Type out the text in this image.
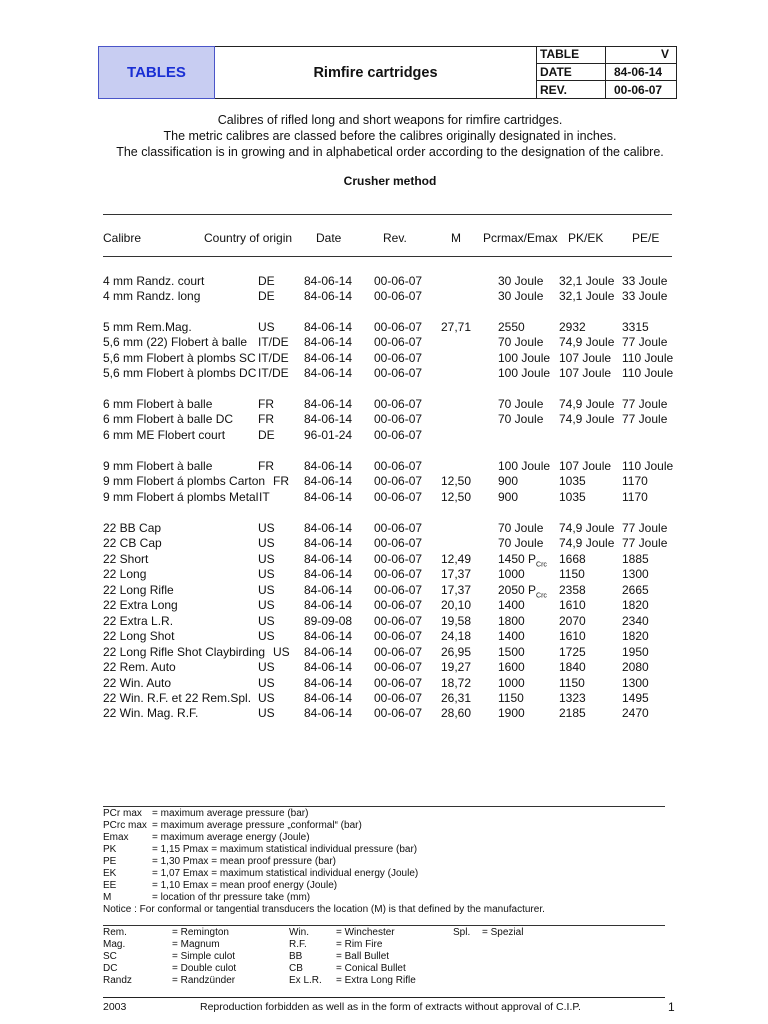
TABLES	Rimfire cartridges
TABLE	V
DATE	84-06-14
REV.	00-06-07
Calibres of rifled long and short weapons for rimfire cartridges.
The metric calibres are classed before the calibres originally designated in inches.
The classification is in growing and in alphabetical order according to the designation of the calibre.
Crusher method
Calibre	Country of origin Date	Rev.	M Pcrmax/Emax PK/EK PE/E
4 mm Randz. court	DE 84-06-14 00-06-07	30 Joule 32,1 Joule 33 Joule
4 mm Randz. long	DE 84-06-14 00-06-07	30 Joule 32,1 Joule 33 Joule
5 mm Rem.Mag.	US 84-06-14 00-06-07 27,71 2550	2932	3315
5,6 mm (22) Flobert à balle IT/DE 84-06-14 00-06-07	70 Joule 74,9 Joule 77 Joule
5,6 mm Flobert à plombs SC IT/DE 84-06-14 00-06-07	100 Joule 107 Joule 110 Joule
5,6 mm Flobert à plombs DC IT/DE 84-06-14 00-06-07	100 Joule 107 Joule 110 Joule
6 mm Flobert à balle	FR	84-06-14 00-06-07	70 Joule 74,9 Joule 77 Joule
6 mm Flobert à balle DC FR	84-06-14 00-06-07	70 Joule 74,9 Joule 77 Joule
6 mm ME Flobert court	DE 96-01-24 00-06-07
9 mm Flobert à balle	FR	84-06-14 00-06-07	100 Joule 107 Joule 110 Joule
9 mm Flobert á plombs Carton FR 84-06-14 00-06-07 12,50 900	1035	1170
9 mm Flobert á plombs Metal IT	84-06-14 00-06-07 12,50 900	1035	1170
22 BB Cap	US 84-06-14 00-06-07	70 Joule 74,9 Joule 77 Joule
22 CB Cap	US 84-06-14 00-06-07	70 Joule 74,9 Joule 77 Joule
22 Short	US 84-06-14 00-06-07 12,49 1450 $P_{Crc}$ 1668	1885
22 Long	US 84-06-14 00-06-07 17,37 1000	1150	1300
22 Long Rifle	US 84-06-14 00-06-07 17,37 2050 $P_{Crc}$ 2358	2665
22 Extra Long	US 84-06-14 00-06-07 20,10 1400	1610	1820
22 Extra L.R.	US 89-09-08 00-06-07 19,58 1800	2070	2340
22 Long Shot	US 84-06-14 00-06-07 24,18 1400	1610	1820
22 Long Rifle Shot Claybirding US 84-06-14 00-06-07 26,95 1500	1725	1950
22 Rem. Auto	US 84-06-14 00-06-07 19,27 1600	1840	2080
22 Win. Auto	US 84-06-14 00-06-07 18,72 1000	1150	1300
22 Win. R.F. et 22 Rem.Spl. US 84-06-14 00-06-07 26,31 1150	1323	1495
22 Win. Mag. R.F.	US 84-06-14 00-06-07 28,60 1900	2185	2470
PCr max = maximum average pressure (bar)
PCrc max = maximum average pressure „conformal“ (bar)
Emax = maximum average energy (Joule)
PK	= 1,15 Pmax = maximum statistical individual pressure (bar)
PE	= 1,30 Pmax = mean proof pressure (bar)
EK	= 1,07 Emax = maximum statistical individual energy (Joule)
EE	= 1,10 Emax = mean proof energy (Joule)
M	= location of thr pressure take (mm)
Notice : For conformal or tangential transducers the location (M) is that defined by the manufacturer.
Rem.	= Remington	Win.	= Winchester	Spl. = Spezial
Mag.	= Magnum	R.F.	= Rim Fire
SC	= Simple culot	BB	= Ball Bullet
DC	= Double culot	CB	= Conical Bullet
Randz	= Randzünder	Ex L.R. = Extra Long Rifle
2003	Reproduction forbidden as well as in the form of extracts without approval of C.I.P.	1
